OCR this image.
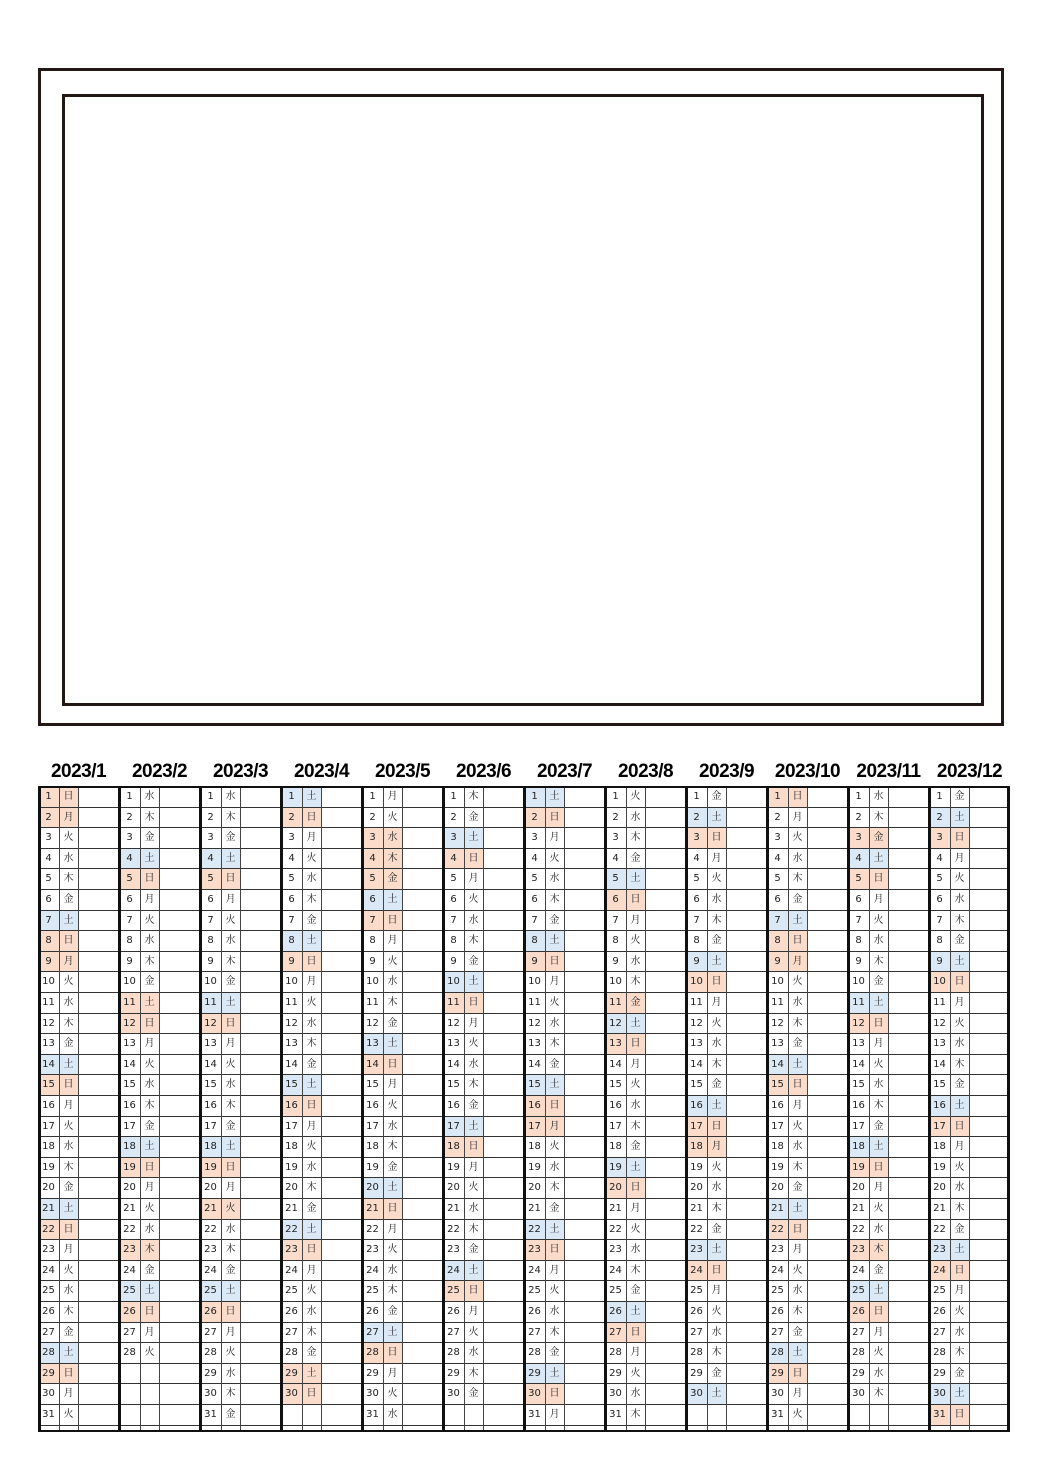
2023/1
1	日
2	月
3	火
4	水
5	木
6	金
7	土
8	日
9	月
10 火
11 水
12 木
13 金
14 土
15 日
16 月
17 火
18 水
19 木
20 金
21 土
22 日
23 月
24 火
25 水
26 木
27 金
28 土
29 日
30 月
31 火
2023/2
1	水
2	木
3	金
4	土
5	日
6	月
7	火
8	水
9	木
10 金
11 土
12 日
13 月
14 火
15 水
16 木
17 金
18 土
19 日
20 月
21 火
22 水
23 木
24 金
25 土
26 日
27 月
28 火
2023/3
1	水
2	木
3	金
4	土
5	日
6	月
7	火
8	水
9	木
10 金
11 土
12 日
13 月
14 火
15 水
16 木
17 金
18 土
19 日
20 月
21 火
22 水
23 木
24 金
25 土
26 日
27 月
28 火
29 水
30 木
31 金
2023/4
1	土
2	日
3	月
4	火
5	水
6	木
7	金
8	土
9	日
10 月
11 火
12 水
13 木
14 金
15 土
16 日
17 月
18 火
19 水
20 木
21 金
22 土
23 日
24 月
25 火
26 水
27 木
28 金
29 土
30 日
2023/5
1	月
2	火
3	水
4	木
5	金
6	土
7	日
8	月
9	火
10 水
11 木
12 金
13 土
14 日
15 月
16 火
17 水
18 木
19 金
20 土
21 日
22 月
23 火
24 水
25 木
26 金
27 土
28 日
29 月
30 火
31 水
2023/6
1	木
2	金
3	土
4	日
5	月
6	火
7	水
8	木
9	金
10 土
11 日
12 月
13 火
14 水
15 木
16 金
17 土
18 日
19 月
20 火
21 水
22 木
23 金
24 土
25 日
26 月
27 火
28 水
29 木
30 金
2023/7
1	土
2	日
3	月
4	火
5	水
6	木
7	金
8	土
9	日
10 月
11 火
12 水
13 木
14 金
15 土
16 日
17 月
18 火
19 水
20 木
21 金
22 土
23 日
24 月
25 火
26 水
27 木
28 金
29 土
30 日
31 月
2023/8
1	火
2	水
3	木
4	金
5	土
6	日
7	月
8	火
9	水
10 木
11 金
12 土
13 日
14 月
15 火
16 水
17 木
18 金
19 土
20 日
21 月
22 火
23 水
24 木
25 金
26 土
27 日
28 月
29 火
30 水
31 木
2023/9
1	金
2	土
3	日
4	月
5	火
6	水
7	木
8	金
9	土
10 日
11 月
12 火
13 水
14 木
15 金
16 土
17 日
18 月
19 火
20 水
21 木
22 金
23 土
24 日
25 月
26 火
27 水
28 木
29 金
30 土
2023/10
1	日
2	月
3	火
4	水
5	木
6	金
7	土
8	日
9	月
10 火
11 水
12 木
13 金
14 土
15 日
16 月
17 火
18 水
19 木
20 金
21 土
22 日
23 月
24 火
25 水
26 木
27 金
28 土
29 日
30 月
31 火
2023/11
1	水
2	木
3	金
4	土
5	日
6	月
7	火
8	水
9	木
10 金
11 土
12 日
13 月
14 火
15 水
16 木
17 金
18 土
19 日
20 月
21 火
22 水
23 木
24 金
25 土
26 日
27 月
28 火
29 水
30 木
2023/12
1	金
2	土
3	日
4	月
5	火
6	水
7	木
8	金
9	土
10 日
11 月
12 火
13 水
14 木
15 金
16 土
17 日
18 月
19 火
20 水
21 木
22 金
23 土
24 日
25 月
26 火
27 水
28 木
29 金
30 土
31 日
